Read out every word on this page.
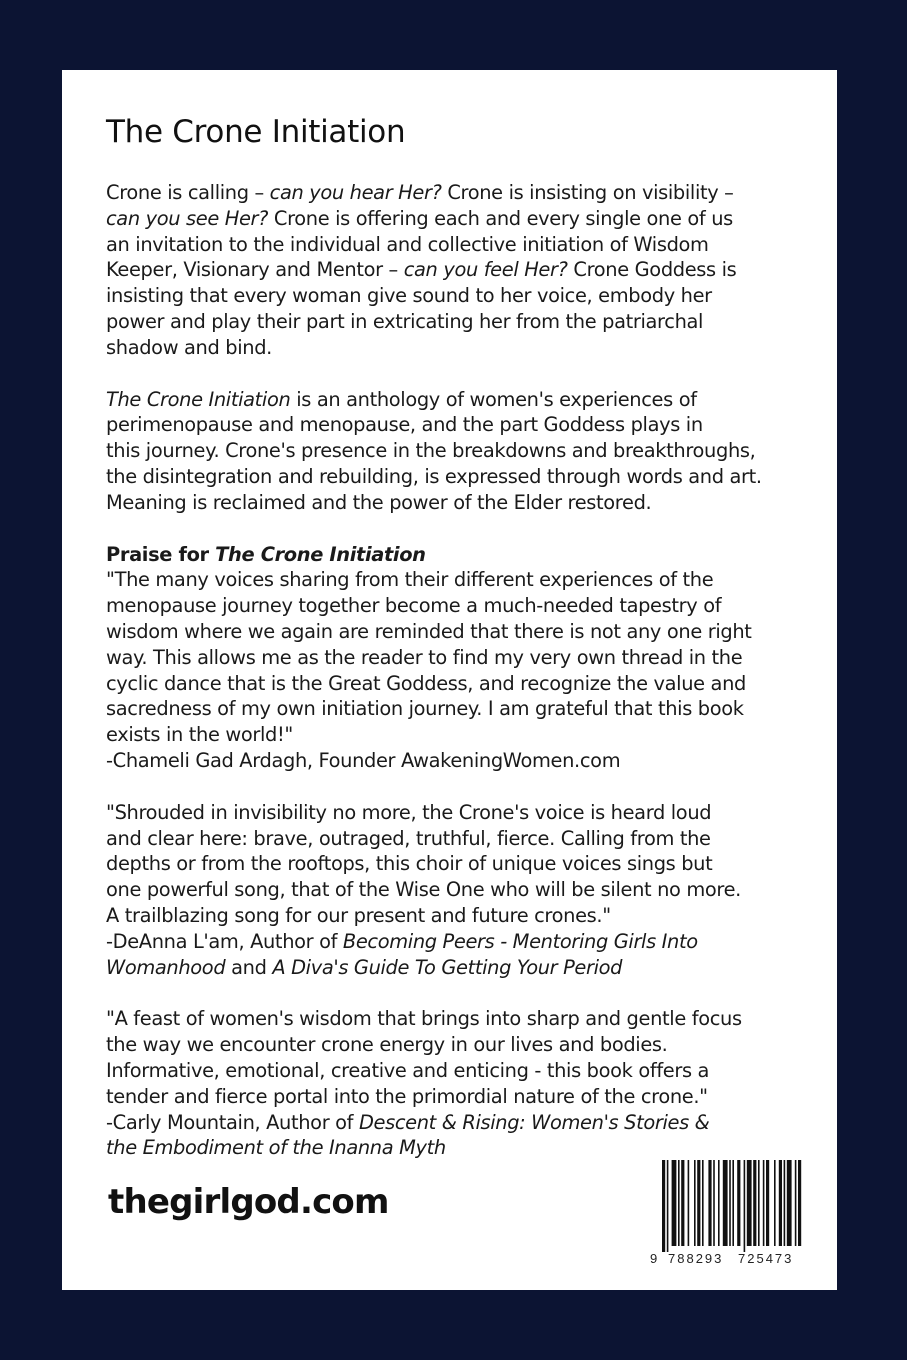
The Crone Initiation

Crone is calling – can you hear Her? Crone is insisting on visibility –
can you see Her? Crone is offering each and every single one of us
an invitation to the individual and collective initiation of Wisdom
Keeper, Visionary and Mentor – can you feel Her? Crone Goddess is
insisting that every woman give sound to her voice, embody her
power and play their part in extricating her from the patriarchal
shadow and bind.

The Crone Initiation is an anthology of women's experiences of
perimenopause and menopause, and the part Goddess plays in
this journey. Crone's presence in the breakdowns and breakthroughs,
the disintegration and rebuilding, is expressed through words and art.
Meaning is reclaimed and the power of the Elder restored.

Praise for The Crone Initiation

"The many voices sharing from their different experiences of the
menopause journey together become a much-needed tapestry of
wisdom where we again are reminded that there is not any one right
way. This allows me as the reader to find my very own thread in the
cyclic dance that is the Great Goddess, and recognize the value and
sacredness of my own initiation journey. I am grateful that this book
exists in the world!"
-Chameli Gad Ardagh, Founder AwakeningWomen.com

"Shrouded in invisibility no more, the Crone's voice is heard loud
and clear here: brave, outraged, truthful, fierce. Calling from the
depths or from the rooftops, this choir of unique voices sings but
one powerful song, that of the Wise One who will be silent no more.
A trailblazing song for our present and future crones."
-DeAnna L'am, Author of Becoming Peers - Mentoring Girls Into
Womanhood and A Diva's Guide To Getting Your Period

"A feast of women's wisdom that brings into sharp and gentle focus
the way we encounter crone energy in our lives and bodies.
Informative, emotional, creative and enticing - this book offers a
tender and fierce portal into the primordial nature of the crone."
-Carly Mountain, Author of Descent & Rising: Women's Stories &
the Embodiment of the Inanna Myth

thegirlgod.com
9 788293 725473
